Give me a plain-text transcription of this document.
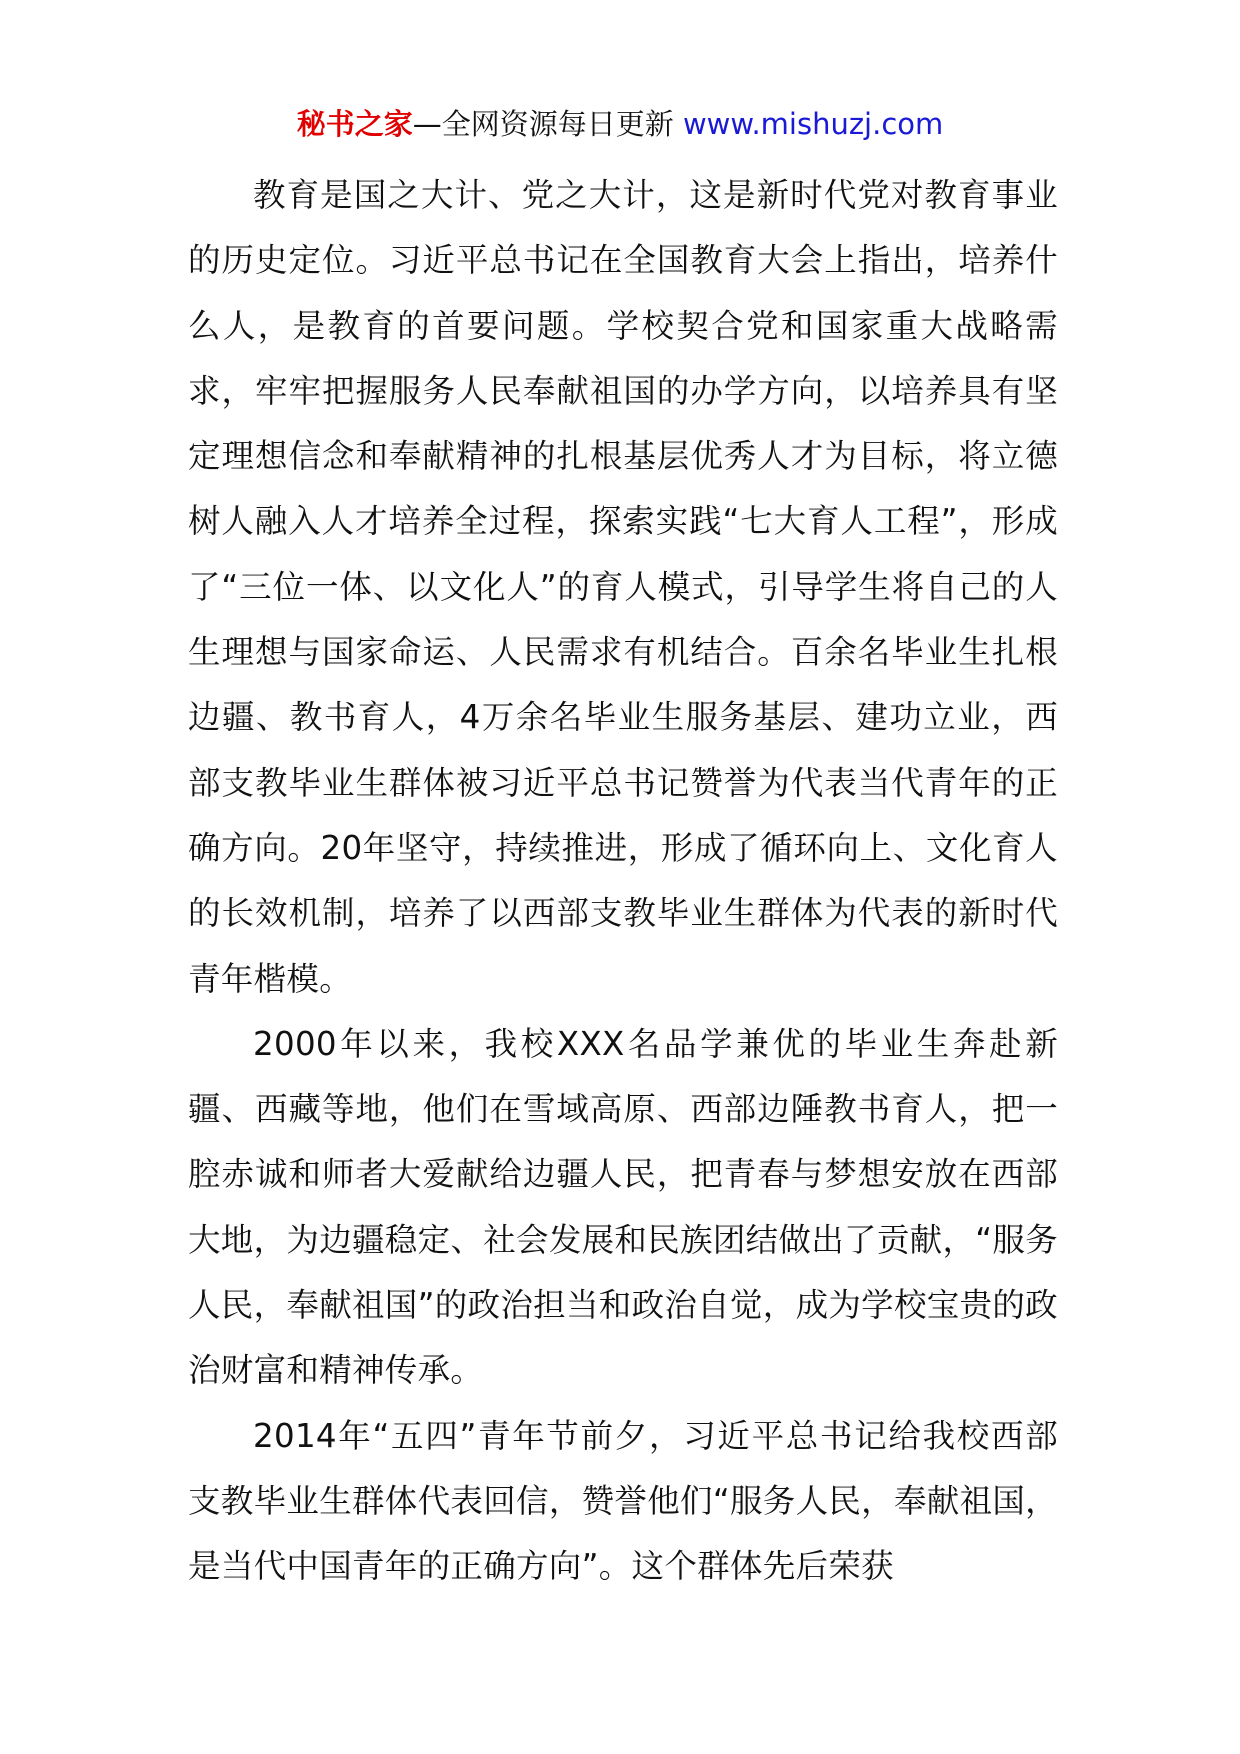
秘书之家—全网资源每日更新 www.mishuzj.com

教育是国之大计、党之大计，这是新时代党对教育事业的历史定位。习近平总书记在全国教育大会上指出，培养什么人，是教育的首要问题。学校契合党和国家重大战略需求，牢牢把握服务人民奉献祖国的办学方向，以培养具有坚定理想信念和奉献精神的扎根基层优秀人才为目标，将立德树人融入人才培养全过程，探索实践“七大育人工程”，形成了“三位一体、以文化人”的育人模式，引导学生将自己的人生理想与国家命运、人民需求有机结合。百余名毕业生扎根边疆、教书育人，4万余名毕业生服务基层、建功立业，西部支教毕业生群体被习近平总书记赞誉为代表当代青年的正确方向。20年坚守，持续推进，形成了循环向上、文化育人的长效机制，培养了以西部支教毕业生群体为代表的新时代青年楷模。

2000年以来，我校XXX名品学兼优的毕业生奔赴新疆、西藏等地，他们在雪域高原、西部边陲教书育人，把一腔赤诚和师者大爱献给边疆人民，把青春与梦想安放在西部大地，为边疆稳定、社会发展和民族团结做出了贡献，“服务人民，奉献祖国”的政治担当和政治自觉，成为学校宝贵的政治财富和精神传承。

2014年“五四”青年节前夕，习近平总书记给我校西部支教毕业生群体代表回信，赞誉他们“服务人民，奉献祖国，是当代中国青年的正确方向”。这个群体先后荣获
